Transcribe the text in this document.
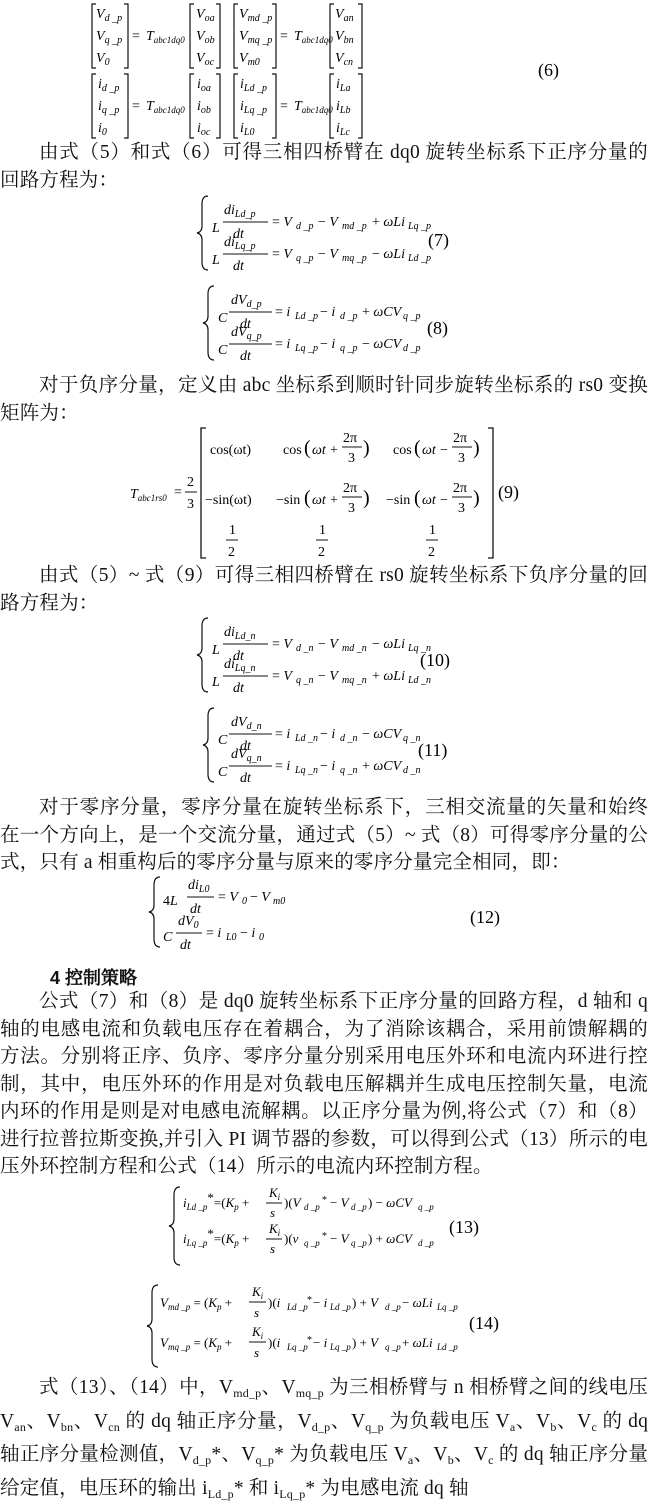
$V_{d \_p}$
$V_{q \_p}$
$V_0$
= $T_{abc1dq0}$
$V_{oa}$
$V_{ob}$
$V_{oc}$
$V_{md \_p}$
$V_{mq \_p}$
$V_{m0}$
= $T_{abc1dq0}$
$V_{an}$
$V_{bn}$
$V_{cn}$
$i_{d \_p}$
$i_{q \_p}$
$i_0$
= $T_{abc1dq0}$
$i_{oa}$
$i_{ob}$
$i_{oc}$
$i_{Ld \_p}$
$i_{Lq \_p}$
$i_{L0}$
= $T_{abc1dq0}$
$i_{La}$
$i_{Lb}$
$i_{Lc}$
(6)

由式（5）和式（6）可得三相四桥臂在 dq0 旋转坐标系下正序分量的回路方程为：

L
$di_{Ld\_p}$
dt
= V d _p − V md _p + ωLi Lq _p
L
$di_{Lq\_p}$
dt
= V q _p − V mq _p − ωLi Ld _p
C
$dV_{d\_p}$
dt
= i Ld _p − i d _p + ωCV q _p
C
$dV_{q\_p}$
dt
= i Lq _p − i q _p − ωCV d _p
(7)
(8)

对于负序分量，定义由 abc 坐标系到顺时针同步旋转坐标系的 rs0 变换矩阵为：

$T_{abc1rs0}$ =
2
3
cos(ωt) cos ( ωt +
2π
3 ) cos ( ωt −
2π
3 )
−sin(ωt) −sin ( ωt +
2π
3 ) −sin ( ωt −
2π
3 )
1
2
1
2
1
2
(9)

由式（5）~ 式（9）可得三相四桥臂在 rs0 旋转坐标系下负序分量的回路方程为：

L
$di_{Ld\_n}$
dt
= V d _n − V md _n − ωLi Lq _n
L
$di_{Lq\_n}$
dt
= V q _n − V mq _n + ωLi Ld _n
C
$dV_{d\_n}$
dt
= i Ld _n − i d _n − ωCV q _n
C
$dV_{q\_n}$
dt
= i Lq _n − i q _n + ωCV d _n
(10)
(11)

对于零序分量，零序分量在旋转坐标系下，三相交流量的矢量和始终在一个方向上，是一个交流分量，通过式（5）~ 式（8）可得零序分量的公式，只有 a 相重构后的零序分量与原来的零序分量完全相同，即：

4L
$di_{L0}$
dt
= V 0 − V m0
C
$dV_0$
dt
= i L0 − i 0
(12)
4 控制策略

公式（7）和（8）是 dq0 旋转坐标系下正序分量的回路方程，d 轴和 q 轴的电感电流和负载电压存在着耦合，为了消除该耦合，采用前馈解耦的方法。分别将正序、负序、零序分量分别采用电压外环和电流内环进行控制，其中，电压外环的作用是对负载电压解耦并生成电压控制矢量，电流内环的作用是则是对电感电流解耦。以正序分量为例,将公式（7）和（8）进行拉普拉斯变换,并引入 PI 调节器的参数，可以得到公式（13）所示的电压外环控制方程和公式（14）所示的电流内环控制方程。

$i_{Ld \_p}*=(K_p$ +
$K_i$
s
)(V d _p
* − V d _p ) − ωCV q _p
$i_{Lq \_p}*=(K_p$ +
$K_i$
s
)(v q _p
* − V q _p ) + ωCV d _p
$V_{md \_p} = (K_p$ +
$K_i$
s
)(i Ld _p
* − i Ld _p ) + V d _p − ωLi Lq _p
$V_{mq \_p} = (K_p$ +
$K_i$
s
)(i Lq _p
* − i Lq _p ) + V q _p + ωLi Ld _p
(13)
(14)

式（13）、（14）中，$V_{md\_p}$、$V_{mq\_p}$ 为三相桥臂与 n 相桥臂之间的线电压 $V_{an}$、$V_{bn}$、$V_{cn}$ 的 dq 轴正序分量，$V_{d\_p}$、$V_{q\_p}$ 为负载电压 $V_a$、$V_b$、$V_c$ 的 dq 轴正序分量检测值，$V_{d\_p}*$、$V_{q\_p}*$ 为负载电压 $V_a$、$V_b$、$V_c$ 的 dq 轴正序分量给定值，电压环的输出 $i_{Ld\_p}*$ 和 $i_{Lq\_p}*$ 为电感电流 dq 轴
